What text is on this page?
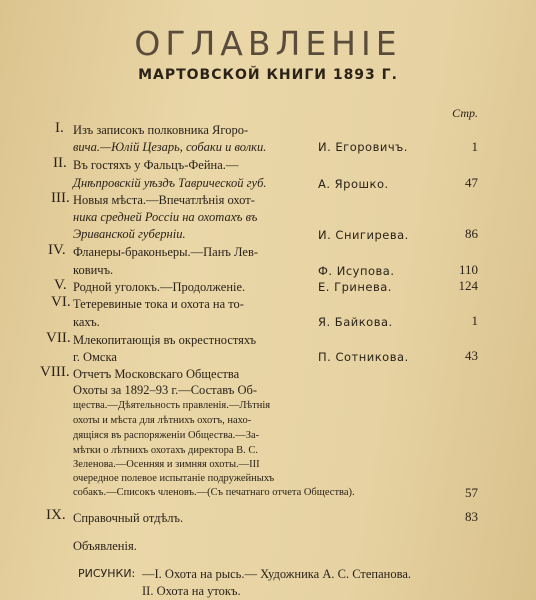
ОГЛАВЛЕНIЕ
МАРТОВСКОЙ КНИГИ 1893 Г.
Стр.
I. Изъ записокъ полковника Ягоро-
вича.—Юлій Цезарь, собаки и волки.	И. Егоровичъ.	1
II. Въ гостяхъ у Фальцъ-Фейна.—
Днѣпровскій уѣздъ Таврической губ.	А. Ярошко.	47
III. Новыя мѣста.—Впечатлѣнія охот-
ника средней Россіи на охотахъ въ
Эриванской губерніи.	И. Снигирева.	86
IV. Фланеры-браконьеры.—Панъ Лев-
ковичъ.	Ф. Исупова.	110
V. Родной уголокъ.—Продолженіе.	Е. Гринева.	124
VI. Тетеревиные тока и охота на то-
кахъ.	Я. Байкова.	1
VII. Млекопитающія въ окрестностяхъ
г. Омска	П. Сотникова.	43
VIII. Отчетъ Московскаго Общества
Охоты за 1892–93 г.—Составъ Об-
щества.—Дѣятельность правленія.—Лѣтнія
охоты и мѣста для лѣтнихъ охотъ, нахо-
дящіяся въ распоряженіи Общества.—За-
мѣтки о лѣтнихъ охотахъ директора В. С.
Зеленова.—Осенняя и зимняя охоты.—III
очередное полевое испытаніе подружейныхъ
собакъ.—Списокъ членовъ.—(Съ печатнаго отчета Общества).	57
IX. Справочный отдѣлъ.	83
Объявленія.
РИСУНКИ: —I. Охота на рысь.— Художника А. С. Степанова.
II. Охота на утокъ.
